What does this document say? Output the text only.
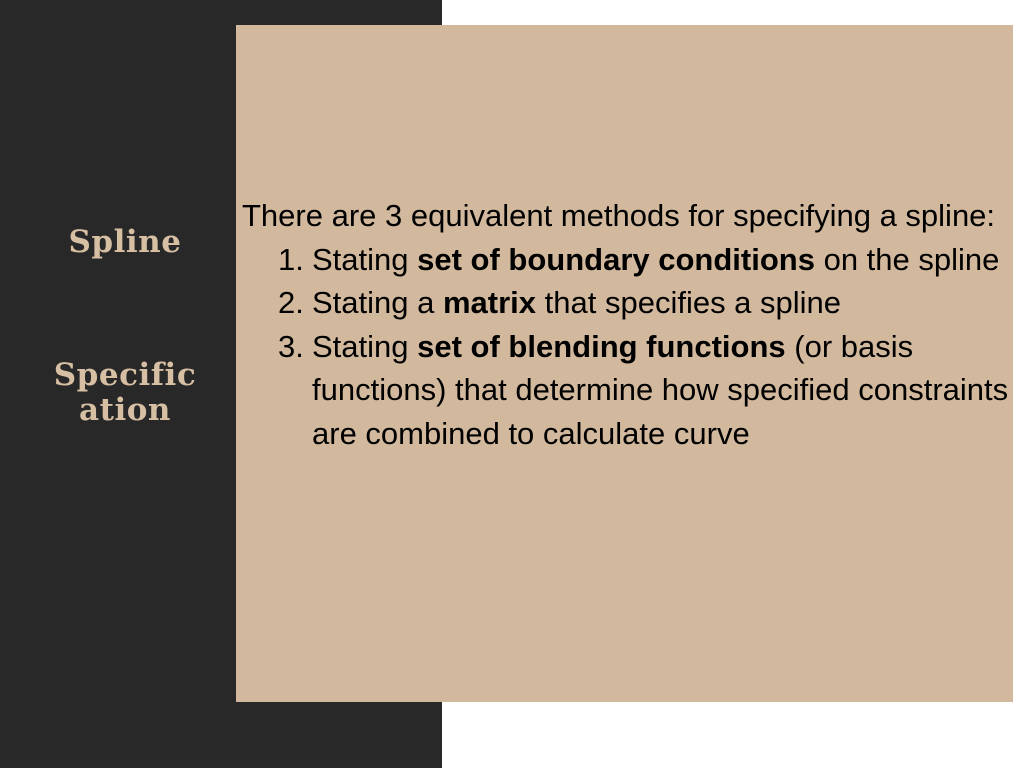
Spline
Specific
ation

There are 3 equivalent methods for specifying a spline:

1. Stating set of boundary conditions on the spline
2. Stating a matrix that specifies a spline
3. Stating set of blending functions (or basis functions) that determine how specified constraints are combined to calculate curve
